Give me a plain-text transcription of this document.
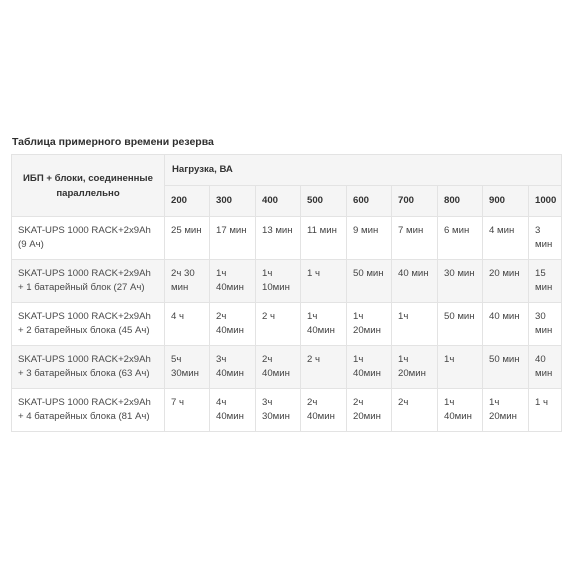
Таблица примерного времени резерва

ИБП + блоки, соединенные параллельно	Нагрузка, ВА								
	200	300	400	500	600	700	800	900	1000
SKAT-UPS 1000 RACK+2x9Ah (9 Ач)	25 мин	17 мин	13 мин	11 мин	9 мин	7 мин	6 мин	4 мин	3 мин
SKAT-UPS 1000 RACK+2x9Ah + 1 батарейный блок (27 Ач)	2ч 30 мин	1ч 40мин	1ч 10мин	1 ч	50 мин	40 мин	30 мин	20 мин	15 мин
SKAT-UPS 1000 RACK+2x9Ah + 2 батарейных блока (45 Ач)	4 ч	2ч 40мин	2 ч	1ч 40мин	1ч 20мин	1ч	50 мин	40 мин	30 мин
SKAT-UPS 1000 RACK+2x9Ah + 3 батарейных блока (63 Ач)	5ч 30мин	3ч 40мин	2ч 40мин	2 ч	1ч 40мин	1ч 20мин	1ч	50 мин	40 мин
SKAT-UPS 1000 RACK+2x9Ah + 4 батарейных блока (81 Ач)	7 ч	4ч 40мин	3ч 30мин	2ч 40мин	2ч 20мин	2ч	1ч 40мин	1ч 20мин	1 ч
